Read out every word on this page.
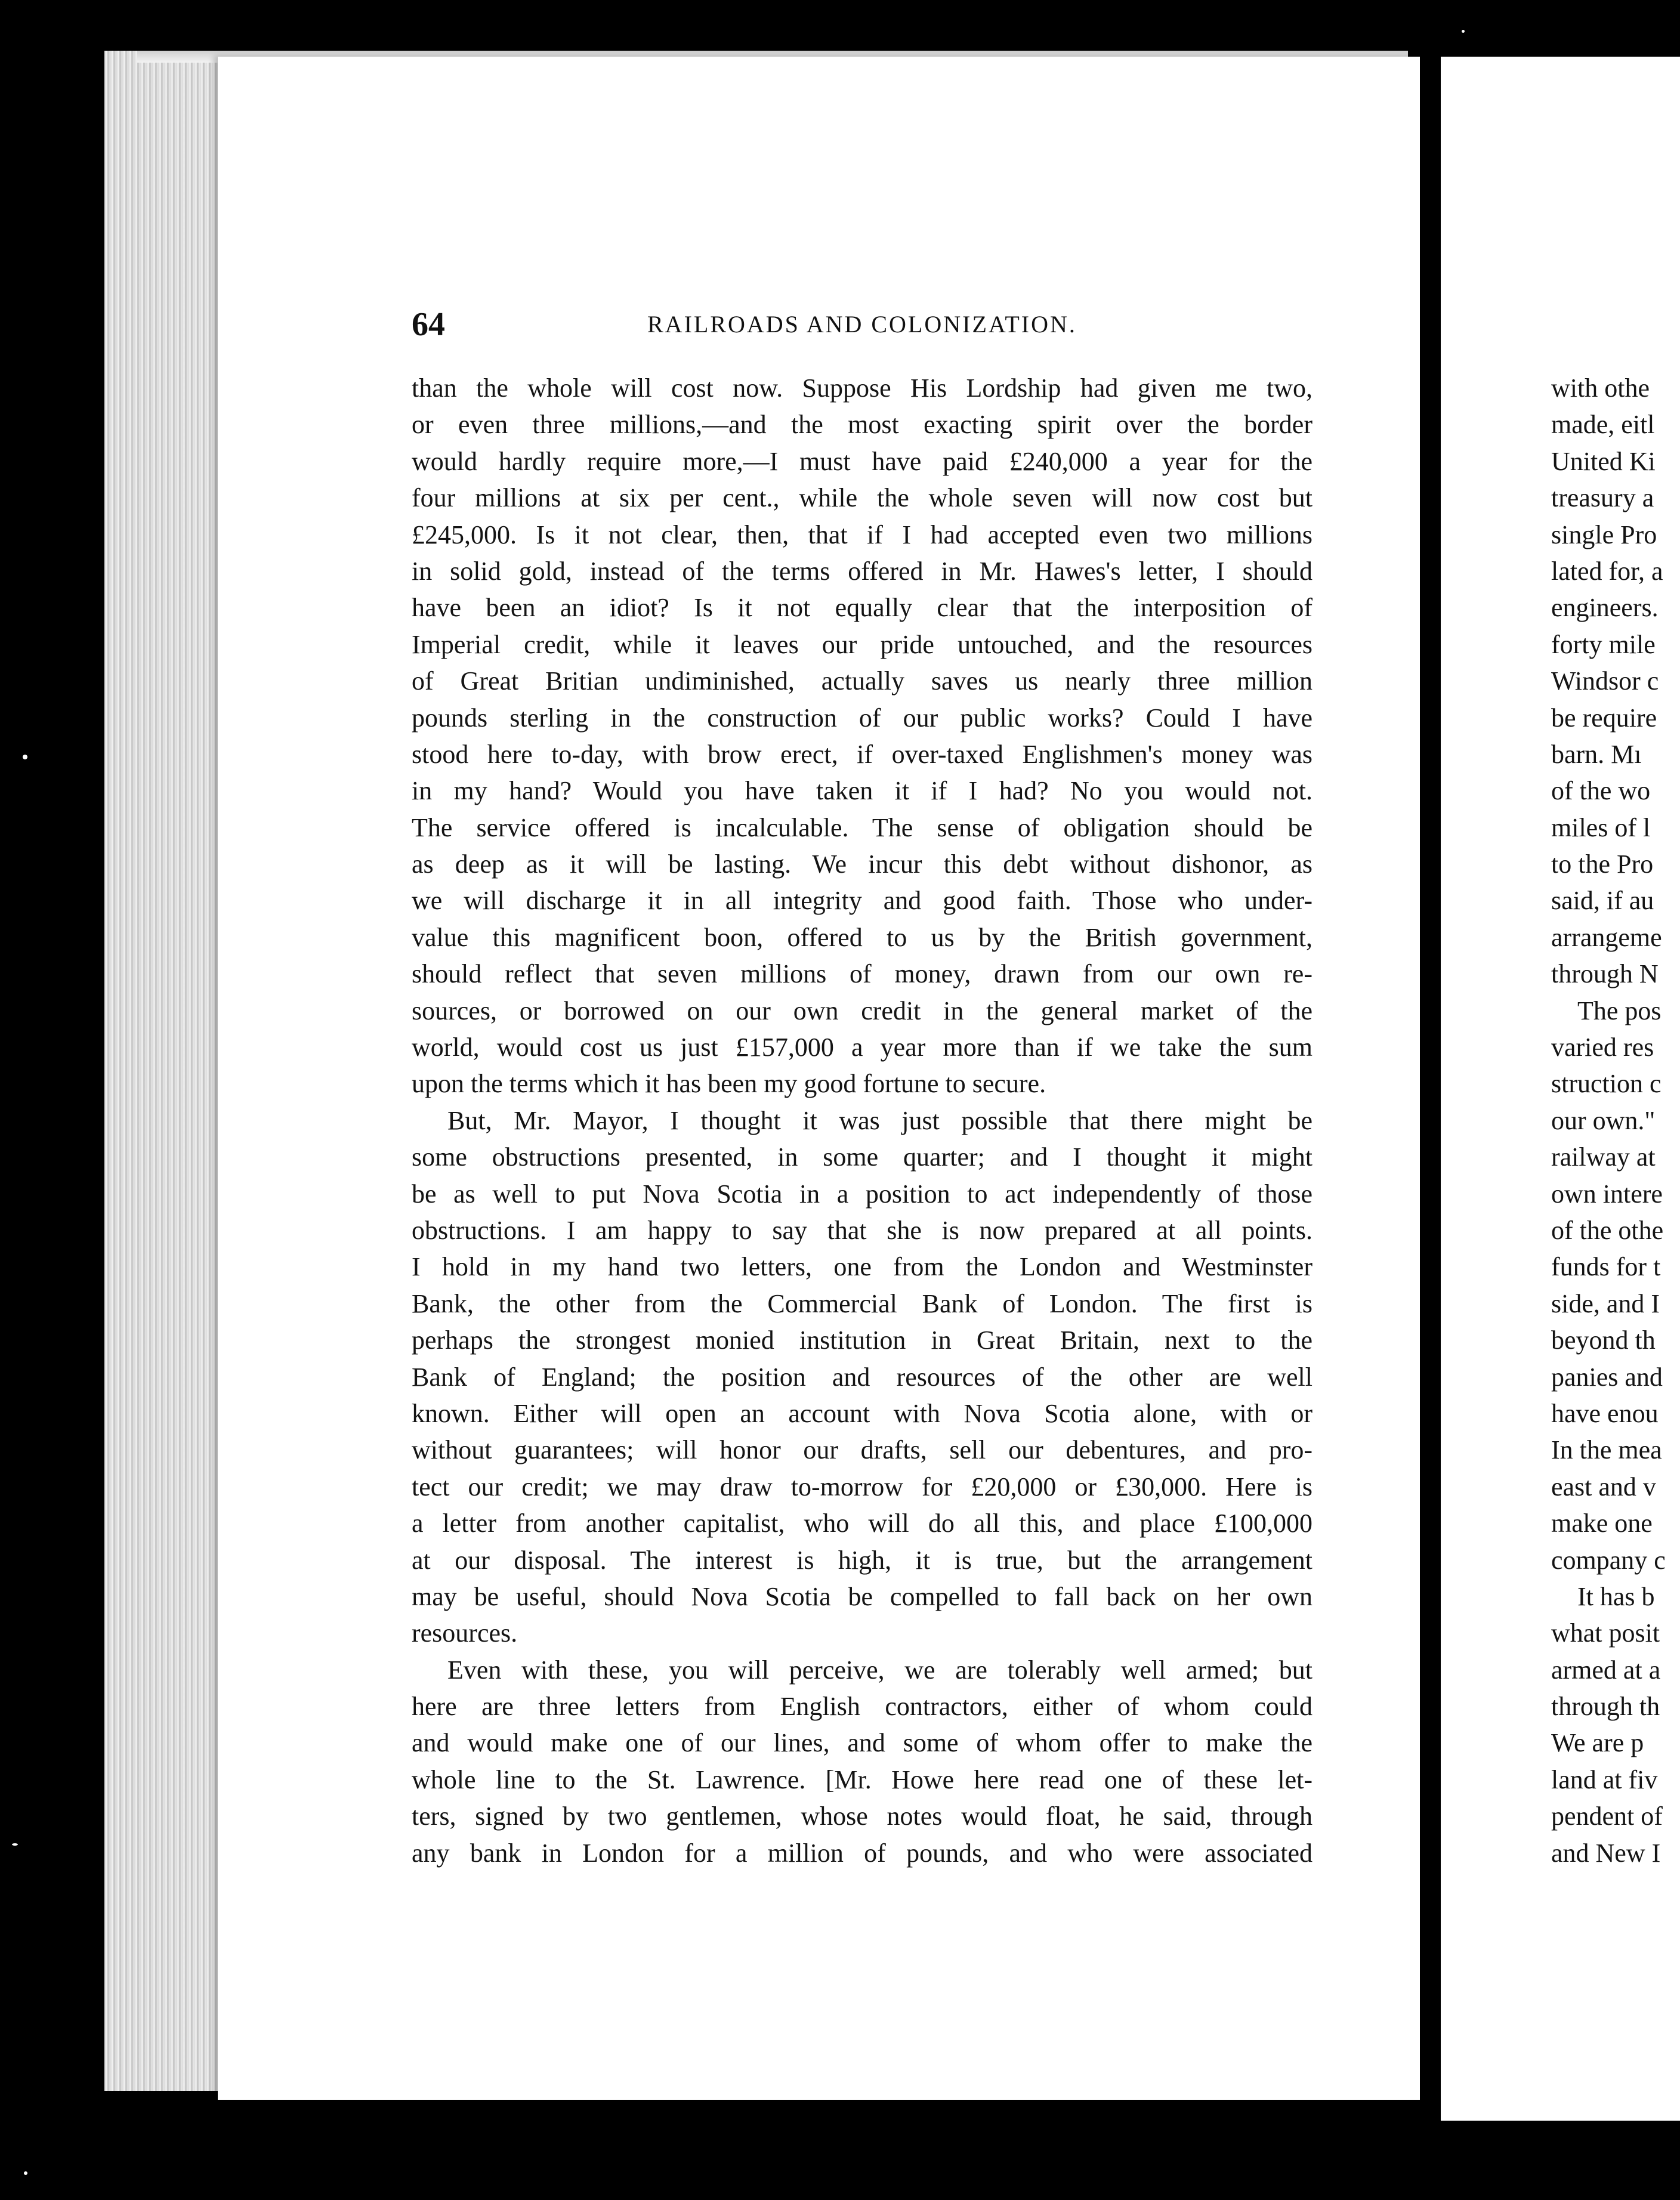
64	RAILROADS AND COLONIZATION.
than the whole will cost now. Suppose His Lordship had given me two,
or even three millions,—and the most exacting spirit over the border
would hardly require more,—I must have paid £240,000 a year for the
four millions at six per cent., while the whole seven will now cost but
£245,000. Is it not clear, then, that if I had accepted even two millions
in solid gold, instead of the terms offered in Mr. Hawes's letter, I should
have been an idiot? Is it not equally clear that the interposition of
Imperial credit, while it leaves our pride untouched, and the resources
of Great Britian undiminished, actually saves us nearly three million
pounds sterling in the construction of our public works? Could I have
stood here to-day, with brow erect, if over-taxed Englishmen's money was
in my hand? Would you have taken it if I had? No you would not.
The service offered is incalculable. The sense of obligation should be
as deep as it will be lasting. We incur this debt without dishonor, as
we will discharge it in all integrity and good faith. Those who under-
value this magnificent boon, offered to us by the British government,
should reflect that seven millions of money, drawn from our own re-
sources, or borrowed on our own credit in the general market of the
world, would cost us just £157,000 a year more than if we take the sum
upon the terms which it has been my good fortune to secure.
But, Mr. Mayor, I thought it was just possible that there might be
some obstructions presented, in some quarter; and I thought it might
be as well to put Nova Scotia in a position to act independently of those
obstructions. I am happy to say that she is now prepared at all points.
I hold in my hand two letters, one from the London and Westminster
Bank, the other from the Commercial Bank of London. The first is
perhaps the strongest monied institution in Great Britain, next to the
Bank of England; the position and resources of the other are well
known. Either will open an account with Nova Scotia alone, with or
without guarantees; will honor our drafts, sell our debentures, and pro-
tect our credit; we may draw to-morrow for £20,000 or £30,000. Here is
a letter from another capitalist, who will do all this, and place £100,000
at our disposal. The interest is high, it is true, but the arrangement
may be useful, should Nova Scotia be compelled to fall back on her own
resources.
Even with these, you will perceive, we are tolerably well armed; but
here are three letters from English contractors, either of whom could
and would make one of our lines, and some of whom offer to make the
whole line to the St. Lawrence. [Mr. Howe here read one of these let-
ters, signed by two gentlemen, whose notes would float, he said, through
any bank in London for a million of pounds, and who were associated
with othe
made, eitl
United Ki
treasury a
single Pro
lated for, a
engineers.
forty mile
Windsor c
be require
barn. Mı
of the wo
miles of l
to the Pro
said, if au
arrangeme
through N
The pos
varied res
struction c
our own."
railway at
own intere
of the othe
funds for t
side, and I
beyond th
panies and
have enou
In the mea
east and v
make one
company c
It has b
what posit
armed at a
through th
We are p
land at fiv
pendent of
and New I
